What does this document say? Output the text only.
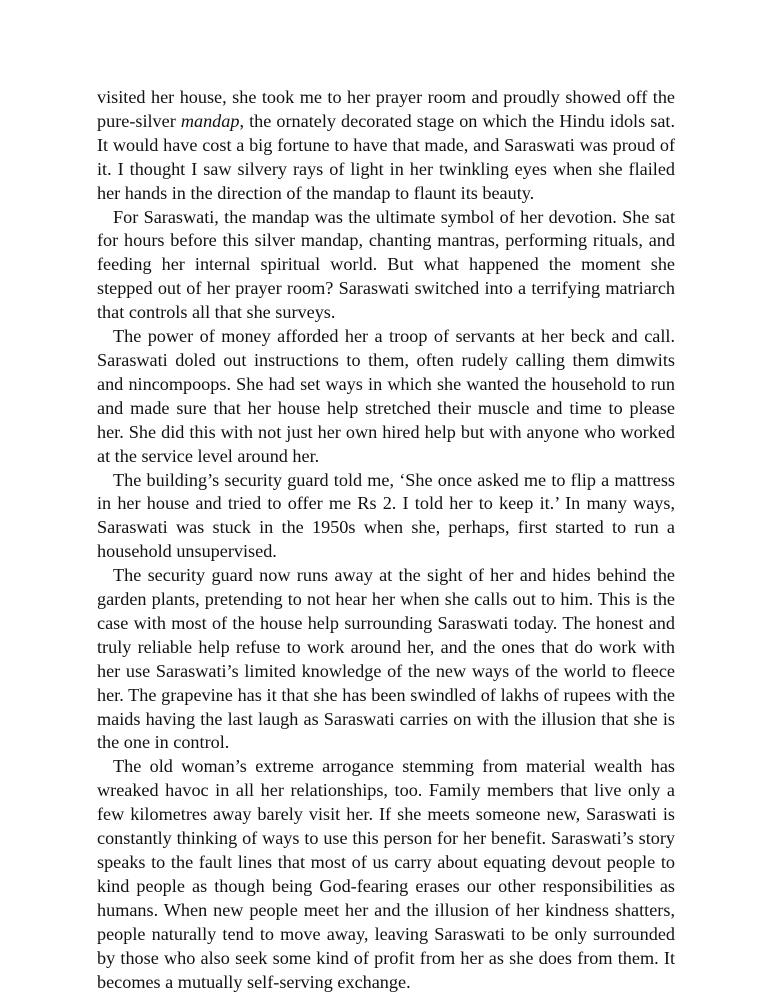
visited her house, she took me to her prayer room and proudly showed off the pure-silver mandap, the ornately decorated stage on which the Hindu idols sat. It would have cost a big fortune to have that made, and Saraswati was proud of it. I thought I saw silvery rays of light in her twinkling eyes when she flailed her hands in the direction of the mandap to flaunt its beauty.

For Saraswati, the mandap was the ultimate symbol of her devotion. She sat for hours before this silver mandap, chanting mantras, performing rituals, and feeding her internal spiritual world. But what happened the moment she stepped out of her prayer room? Saraswati switched into a terrifying matriarch that controls all that she surveys.

The power of money afforded her a troop of servants at her beck and call. Saraswati doled out instructions to them, often rudely calling them dimwits and nincompoops. She had set ways in which she wanted the household to run and made sure that her house help stretched their muscle and time to please her. She did this with not just her own hired help but with anyone who worked at the service level around her.

The building’s security guard told me, ‘She once asked me to flip a mattress in her house and tried to offer me Rs 2. I told her to keep it.’ In many ways, Saraswati was stuck in the 1950s when she, perhaps, first started to run a household unsupervised.

The security guard now runs away at the sight of her and hides behind the garden plants, pretending to not hear her when she calls out to him. This is the case with most of the house help surrounding Saraswati today. The honest and truly reliable help refuse to work around her, and the ones that do work with her use Saraswati’s limited knowledge of the new ways of the world to fleece her. The grapevine has it that she has been swindled of lakhs of rupees with the maids having the last laugh as Saraswati carries on with the illusion that she is the one in control.

The old woman’s extreme arrogance stemming from material wealth has wreaked havoc in all her relationships, too. Family members that live only a few kilometres away barely visit her. If she meets someone new, Saraswati is constantly thinking of ways to use this person for her benefit. Saraswati’s story speaks to the fault lines that most of us carry about equating devout people to kind people as though being God-fearing erases our other responsibilities as humans. When new people meet her and the illusion of her kindness shatters, people naturally tend to move away, leaving Saraswati to be only surrounded by those who also seek some kind of profit from her as she does from them. It becomes a mutually self-serving exchange.
